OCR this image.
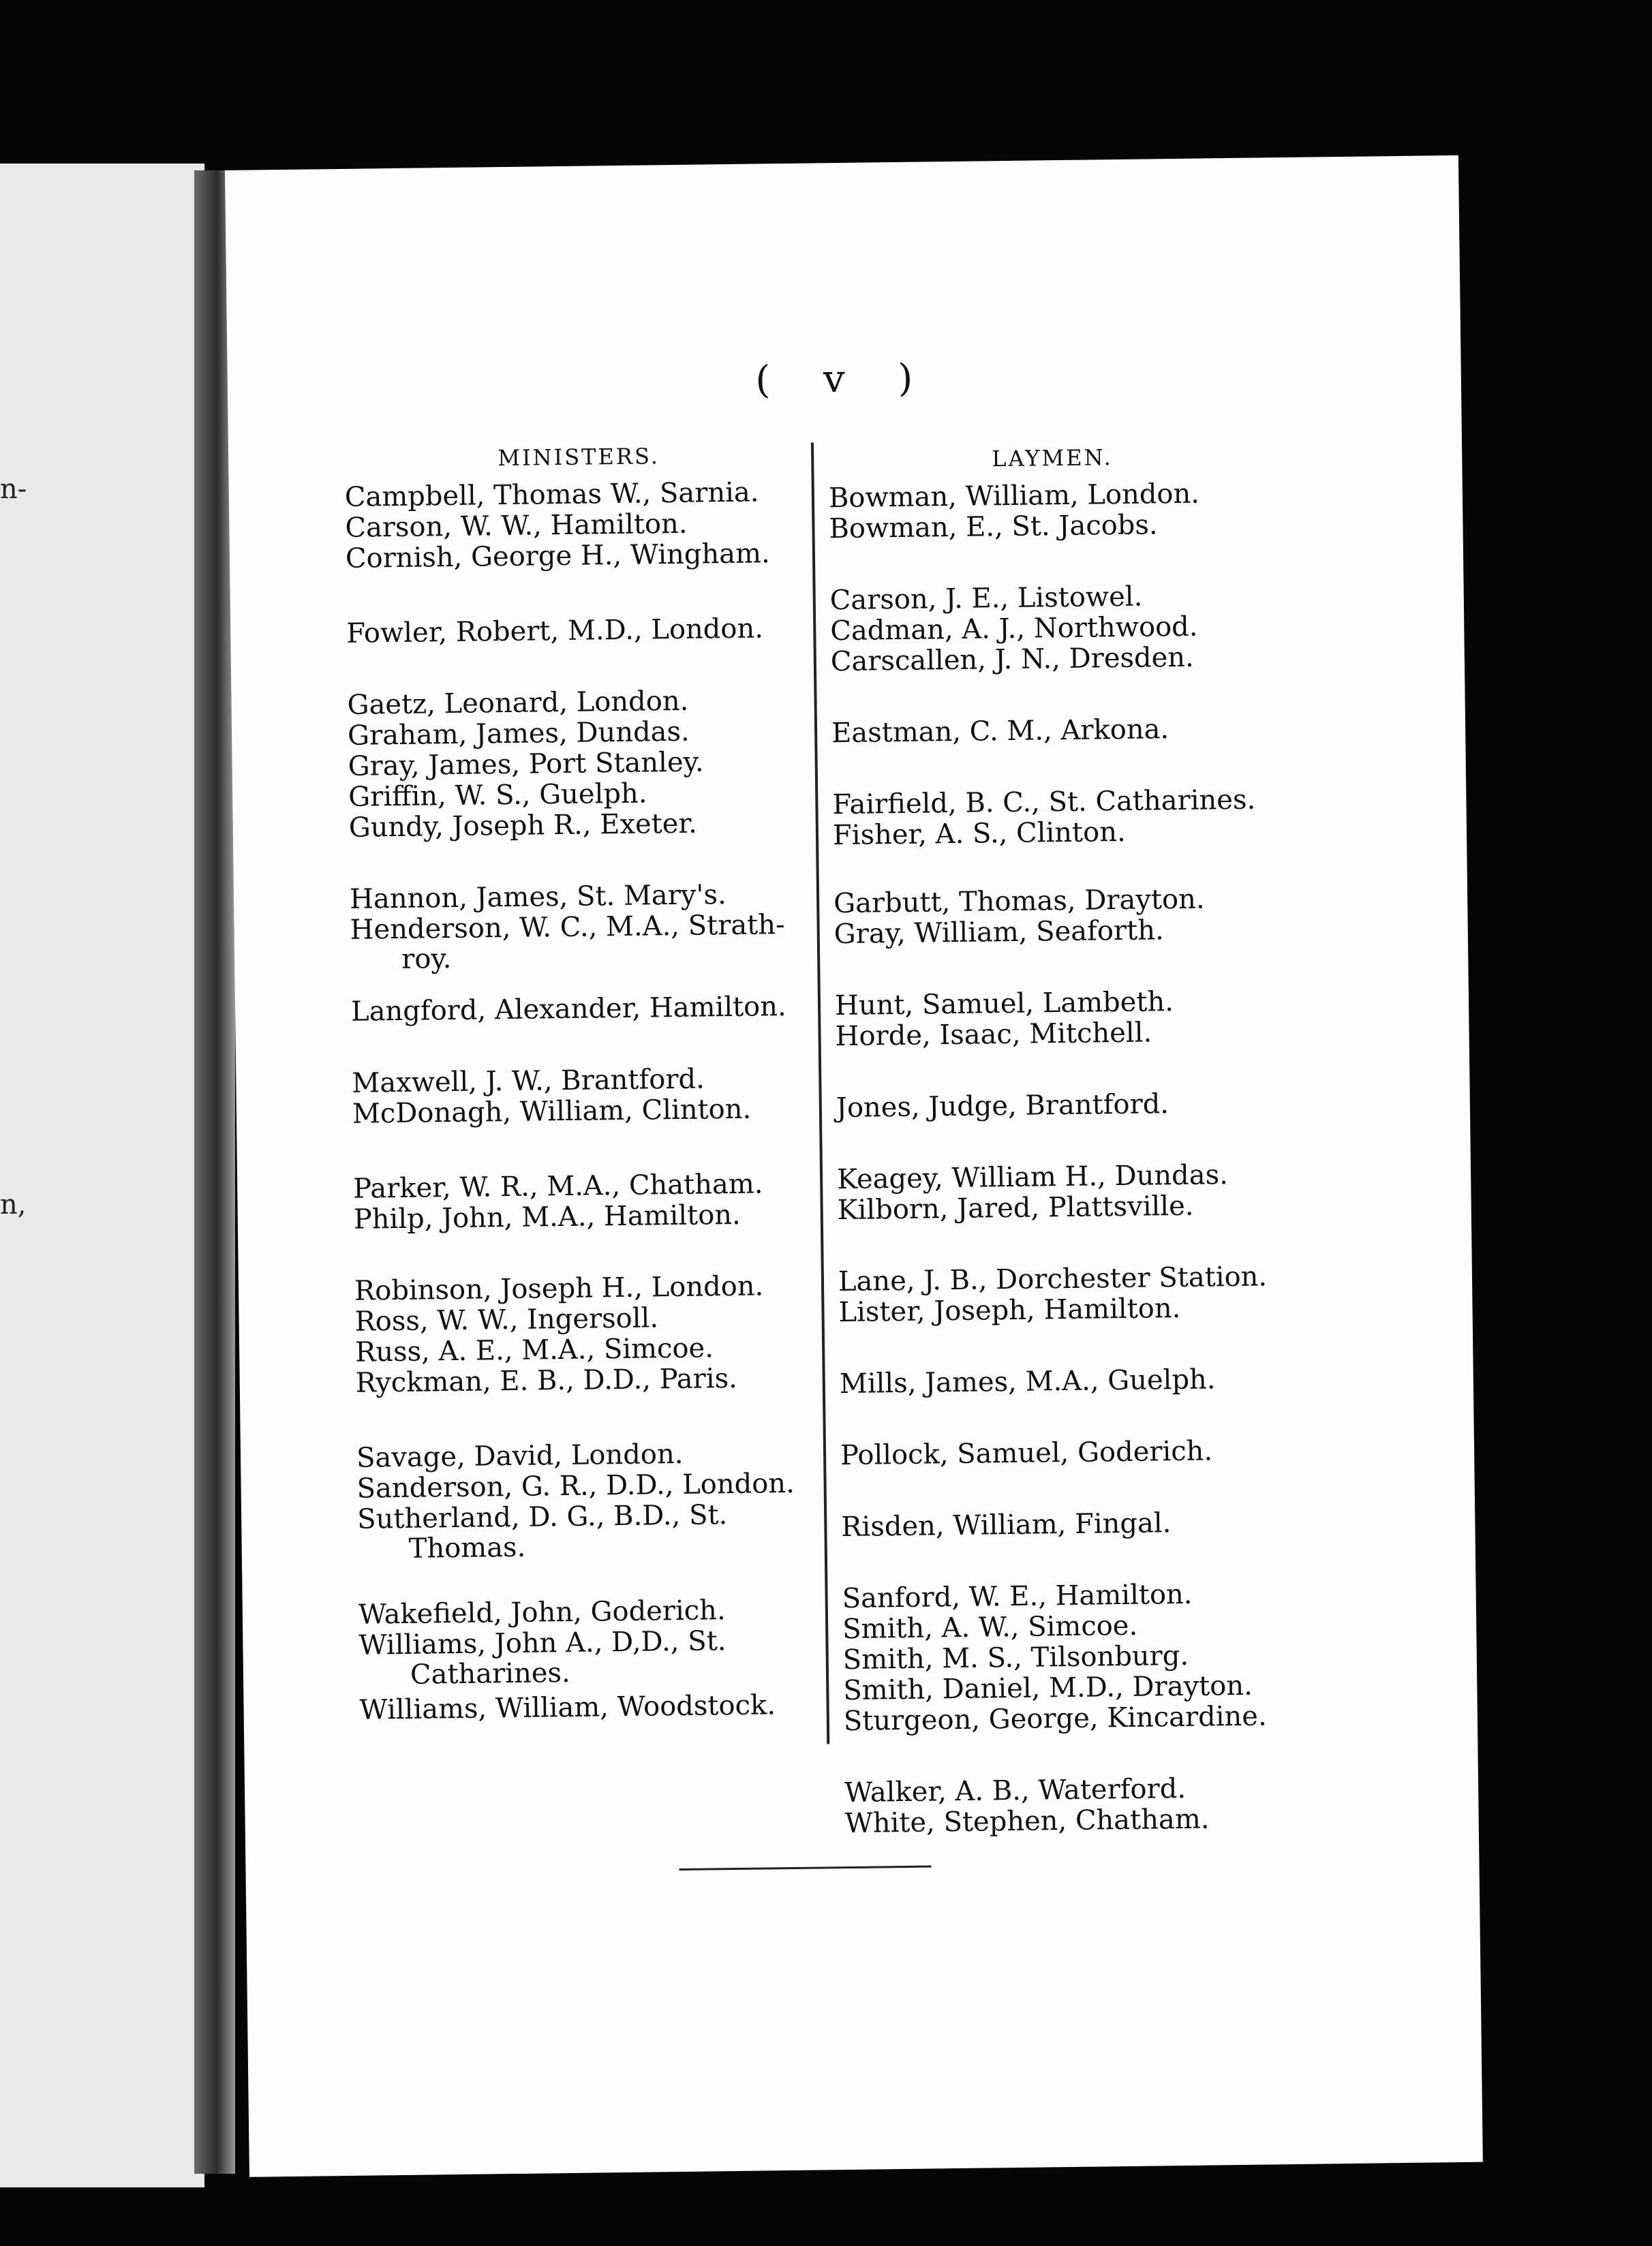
n-
n,
( v )
MINISTERS.	LAYMEN.
Campbell, Thomas W., Sarnia.
Carson, W. W., Hamilton.
Cornish, George H., Wingham.
Fowler, Robert, M.D., London.
Gaetz, Leonard, London.
Graham, James, Dundas.
Gray, James, Port Stanley.
Griffin, W. S., Guelph.
Gundy, Joseph R., Exeter.
Hannon, James, St. Mary's.
Henderson, W. C., M.A., Strath-
roy.
Langford, Alexander, Hamilton.
Maxwell, J. W., Brantford.
McDonagh, William, Clinton.
Parker, W. R., M.A., Chatham.
Philp, John, M.A., Hamilton.
Robinson, Joseph H., London.
Ross, W. W., Ingersoll.
Russ, A. E., M.A., Simcoe.
Ryckman, E. B., D.D., Paris.
Savage, David, London.
Sanderson, G. R., D.D., London.
Sutherland, D. G., B.D., St.
Thomas.
Wakefield, John, Goderich.
Williams, John A., D,D., St.
Catharines.
Williams, William, Woodstock.
Bowman, William, London.
Bowman, E., St. Jacobs.
Carson, J. E., Listowel.
Cadman, A. J., Northwood.
Carscallen, J. N., Dresden.
Eastman, C. M., Arkona.
Fairfield, B. C., St. Catharines.
Fisher, A. S., Clinton.
Garbutt, Thomas, Drayton.
Gray, William, Seaforth.
Hunt, Samuel, Lambeth.
Horde, Isaac, Mitchell.
Jones, Judge, Brantford.
Keagey, William H., Dundas.
Kilborn, Jared, Plattsville.
Lane, J. B., Dorchester Station.
Lister, Joseph, Hamilton.
Mills, James, M.A., Guelph.
Pollock, Samuel, Goderich.
Risden, William, Fingal.
Sanford, W. E., Hamilton.
Smith, A. W., Simcoe.
Smith, M. S., Tilsonburg.
Smith, Daniel, M.D., Drayton.
Sturgeon, George, Kincardine.
Walker, A. B., Waterford.
White, Stephen, Chatham.
